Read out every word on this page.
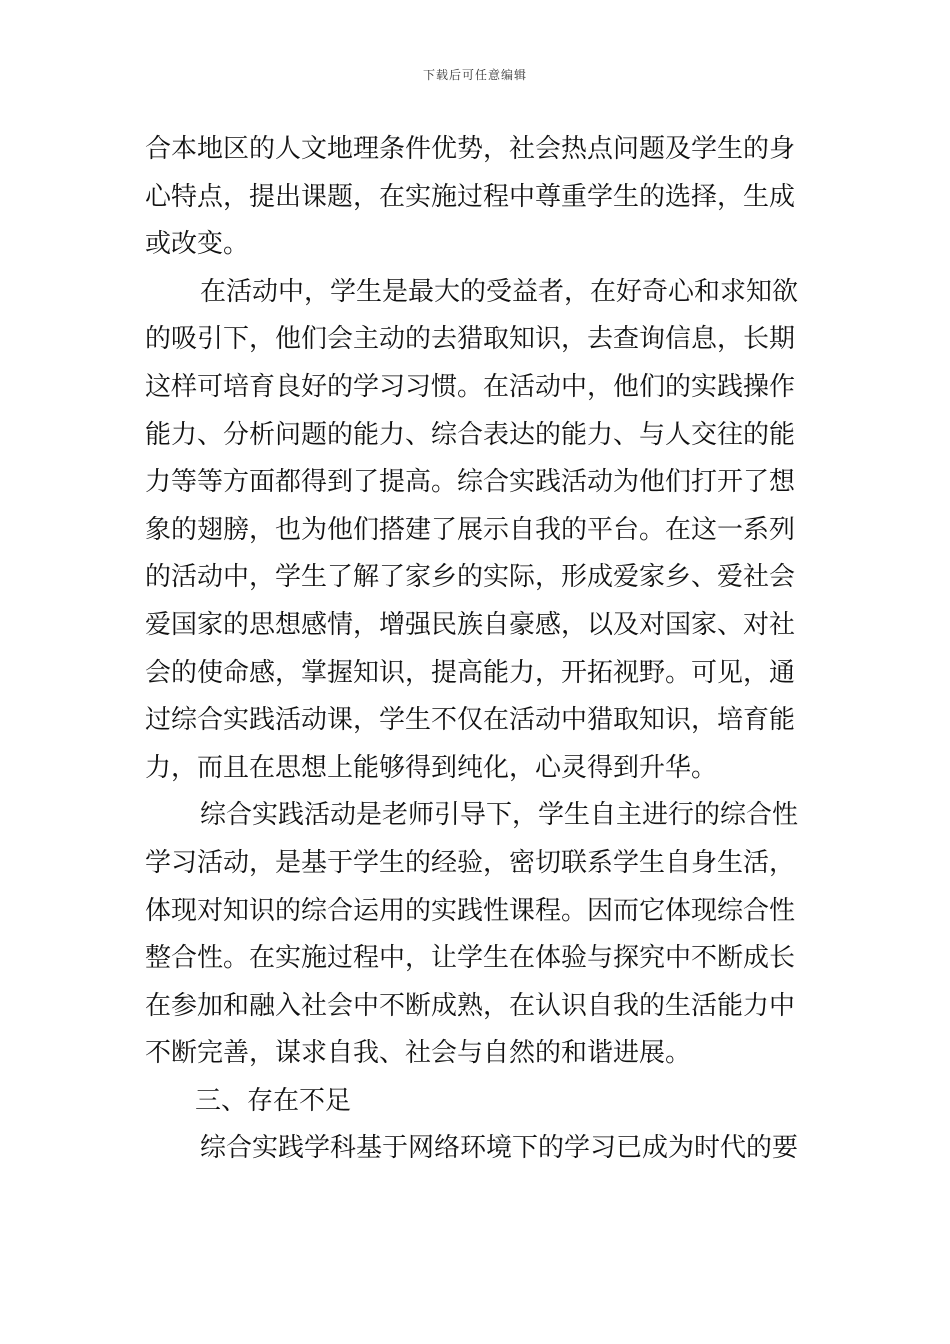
下载后可任意编辑
合本地区的人文地理条件优势，社会热点问题及学生的身
心特点，提出课题，在实施过程中尊重学生的选择，生成
或改变。
在活动中，学生是最大的受益者，在好奇心和求知欲
的吸引下，他们会主动的去猎取知识，去查询信息，长期
这样可培育良好的学习习惯。在活动中，他们的实践操作
能力、分析问题的能力、综合表达的能力、与人交往的能
力等等方面都得到了提高。综合实践活动为他们打开了想
象的翅膀，也为他们搭建了展示自我的平台。在这一系列
的活动中，学生了解了家乡的实际，形成爱家乡、爱社会
爱国家的思想感情，增强民族自豪感，以及对国家、对社
会的使命感，掌握知识，提高能力，开拓视野。可见，通
过综合实践活动课，学生不仅在活动中猎取知识，培育能
力，而且在思想上能够得到纯化，心灵得到升华。
综合实践活动是老师引导下，学生自主进行的综合性
学习活动，是基于学生的经验，密切联系学生自身生活，
体现对知识的综合运用的实践性课程。因而它体现综合性
整合性。在实施过程中，让学生在体验与探究中不断成长
在参加和融入社会中不断成熟，在认识自我的生活能力中
不断完善，谋求自我、社会与自然的和谐进展。
三、存在不足
综合实践学科基于网络环境下的学习已成为时代的要
